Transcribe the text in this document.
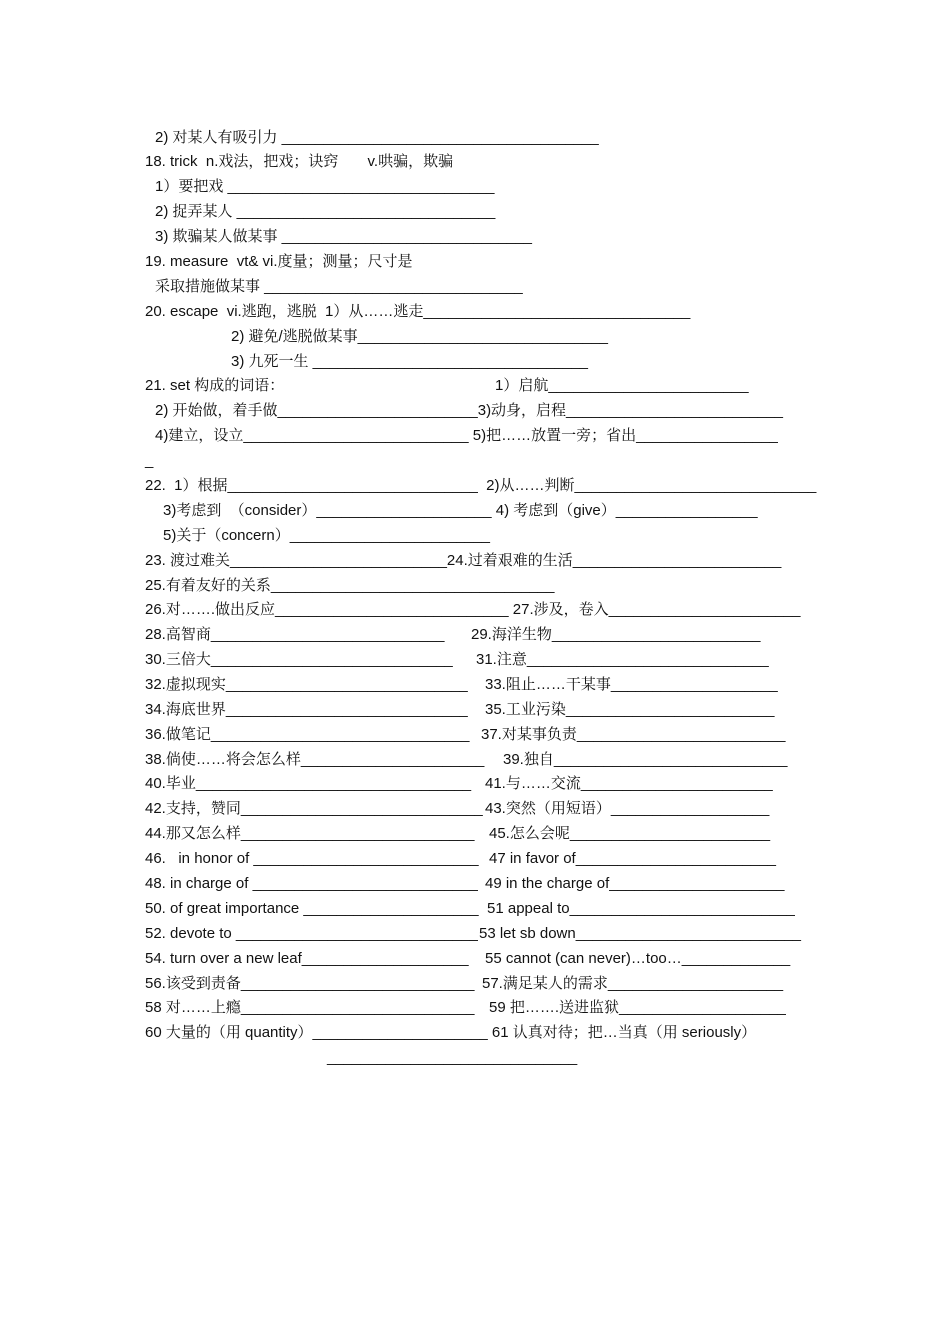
2) 对某人有吸引力 ______________________________________
18. trick  n.戏法，把戏；诀窍       v.哄骗，欺骗
1）要把戏 ________________________________
2) 捉弄某人 _______________________________
3) 欺骗某人做某事 ______________________________
19. measure  vt& vi.度量；测量；尺寸是
采取措施做某事 _______________________________
20. escape  vi.逃跑，逃脱  1）从……逃走________________________________
2) 避免/逃脱做某事______________________________
3) 九死一生 _________________________________
21. set 构成的词语：	1）启航________________________
2) 开始做，着手做________________________3)动身，启程__________________________
4)建立，设立___________________________ 5)把……放置一旁；省出_________________
_
22.  1）根据______________________________  2)从……判断_____________________________
3)考虑到  （consider）_____________________ 4) 考虑到（give）_________________
5)关于（concern）________________________
23. 渡过难关__________________________24.过着艰难的生活_________________________
25.有着友好的关系__________________________________
26.对…….做出反应____________________________ 27.涉及，卷入_______________________
28.高智商____________________________ 29.海洋生物_________________________
30.三倍大_____________________________ 31.注意_____________________________
32.虚拟现实_____________________________ 33.阻止……干某事____________________
34.海底世界_____________________________ 35.工业污染_________________________
36.做笔记_______________________________ 37.对某事负责_________________________
38.倘使……将会怎么样______________________ 39.独自____________________________
40.毕业_________________________________ 41.与……交流_______________________
42.支持，赞同_____________________________ 43.突然（用短语）___________________
44.那又怎么样____________________________ 45.怎么会呢________________________
46.   in honor of ___________________________ 47 in favor of________________________
48. in charge of ___________________________ 49 in the charge of_____________________
50. of great importance _____________________ 51 appeal to___________________________
52. devote to _____________________________ 53 let sb down___________________________
54. turn over a new leaf____________________ 55 cannot (can never)…too…_____________
56.该受到责备____________________________ 57.满足某人的需求_____________________
58 对……上瘾____________________________ 59 把…….送进监狱____________________
60 大量的（用 quantity）_____________________ 61 认真对待；把…当真（用 seriously）
______________________________
